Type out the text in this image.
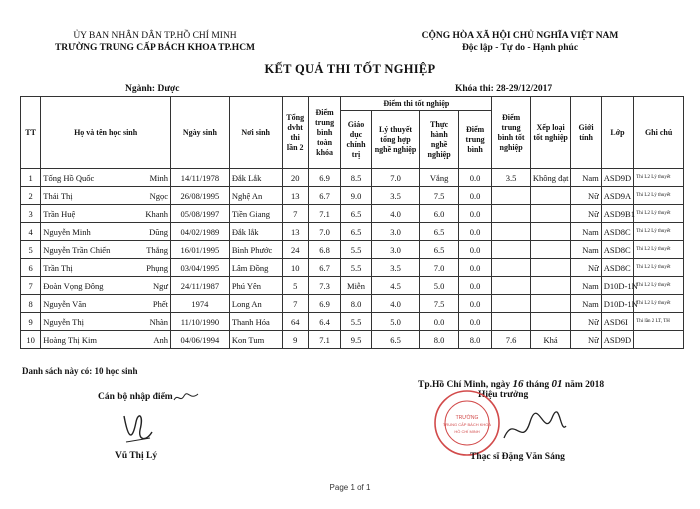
ỦY BAN NHÂN DÂN TP.HỒ CHÍ MINH
TRƯỜNG TRUNG CẤP BÁCH KHOA TP.HCM
CỘNG HÒA XÃ HỘI CHỦ NGHĨA VIỆT NAM
Độc lập - Tự do - Hạnh phúc
KẾT QUẢ THI TỐT NGHIỆP
Ngành: Dược	Khóa thi: 28-29/12/2017
TT	Họ và tên học sinh	Ngày sinh	Nơi sinh	Tổng dvht thi lần 2	Điểm trung bình toàn khóa	Điểm thi tốt nghiệp				Điểm trung bình tốt nghiệp	Xếp loại tốt nghiệp	Giới tính	Lớp	Ghi chú
						Giáo dục chính trị	Lý thuyết tổng hợp nghề nghiệp	Thực hành nghề nghiệp	Điểm trung bình					
1	Tống Hồ Quốc Minh	14/11/1978	Đắk Lắk	20	6.9	8.5	7.0	Vắng	0.0	3.5	Không đạt	Nam	ASD9D	Thi L2 Lý thuyết
2	Thái Thị Ngọc	26/08/1995	Nghệ An	13	6.7	9.0	3.5	7.5	0.0			Nữ	ASD9A	Thi L2 Lý thuyết
3	Trần Huệ Khanh	05/08/1997	Tiền Giang	7	7.1	6.5	4.0	6.0	0.0			Nữ	ASD9B1	Thi L2 Lý thuyết
4	Nguyễn Minh Dũng	04/02/1989	Đắk lắk	13	7.0	6.5	3.0	6.5	0.0			Nam	ASD8C	Thi L2 Lý thuyết
5	Nguyễn Trần Chiến Thắng	16/01/1995	Bình Phước	24	6.8	5.5	3.0	6.5	0.0			Nam	ASD8C	Thi L2 Lý thuyết
6	Trần Thị Phụng	03/04/1995	Lâm Đồng	10	6.7	5.5	3.5	7.0	0.0			Nữ	ASD8C	Thi L2 Lý thuyết
7	Đoàn Vọng Đông Ngư	24/11/1987	Phú Yên	5	7.3	Miễn	4.5	5.0	0.0			Nam	D10D-1N	Thi L2 Lý thuyết
8	Nguyễn Văn Phết	1974	Long An	7	6.9	8.0	4.0	7.5	0.0			Nam	D10D-1N	Thi L2 Lý thuyết
9	Nguyễn Thị Nhàn	11/10/1990	Thanh Hóa	64	6.4	5.5	5.0	0.0	0.0			Nữ	ASD6I	Thi lần 2 LT, TH
10	Hoàng Thị Kim Anh	04/06/1994	Kon Tum	9	7.1	9.5	6.5	8.0	8.0	7.6	Khá	Nữ	ASD9D	
Danh sách này có: 10 học sinh
Cán bộ nhập điểm
Vũ Thị Lý
Tp.Hồ Chí Minh, ngày 16 tháng 01 năm 2018
Hiệu trưởng
TRƯỜNG
TRUNG CẤP BÁCH KHOA
HỒ CHÍ MINH
Thạc sĩ Đặng Văn Sáng
Page 1 of 1
